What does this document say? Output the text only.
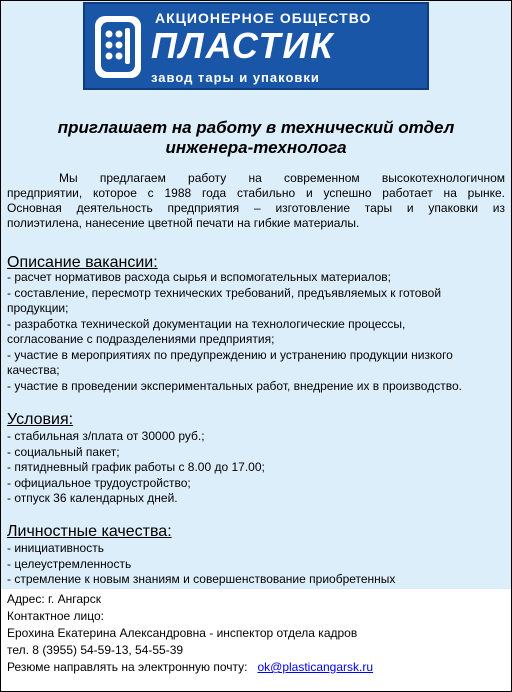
АКЦИОНЕРНОЕ ОБЩЕСТВО
ПЛАСТИК
завод тары и упаковки
приглашает на работу в технический отдел
инженера-технолога
Мы предлагаем работу на современном высокотехнологичном
предприятии, которое с 1988 года стабильно и успешно работает на рынке.
Основная деятельность предприятия – изготовление тары и упаковки из
полиэтилена, нанесение цветной печати на гибкие материалы.
Описание вакансии:
- расчет нормативов расхода сырья и вспомогательных материалов;
- составление, пересмотр технических требований, предъявляемых к готовой
продукции;
- разработка технической документации на технологические процессы,
согласование с подразделениями предприятия;
- участие в мероприятиях по предупреждению и устранению продукции низкого
качества;
- участие в проведении экспериментальных работ, внедрение их в производство.
Условия:
- стабильная з/плата от 30000 руб.;
- социальный пакет;
- пятидневный график работы с 8.00 до 17.00;
- официальное трудоустройство;
- отпуск 36 календарных дней.
Личностные качества:
- инициативность
- целеустремленность
- стремление к новым знаниям и совершенствование приобретенных
Адрес: г. Ангарск
Контактное лицо:
Ерохина Екатерина Александровна - инспектор отдела кадров
тел. 8 (3955) 54-59-13, 54-55-39
Резюме направлять на электронную почту: ok@plasticangarsk.ru
